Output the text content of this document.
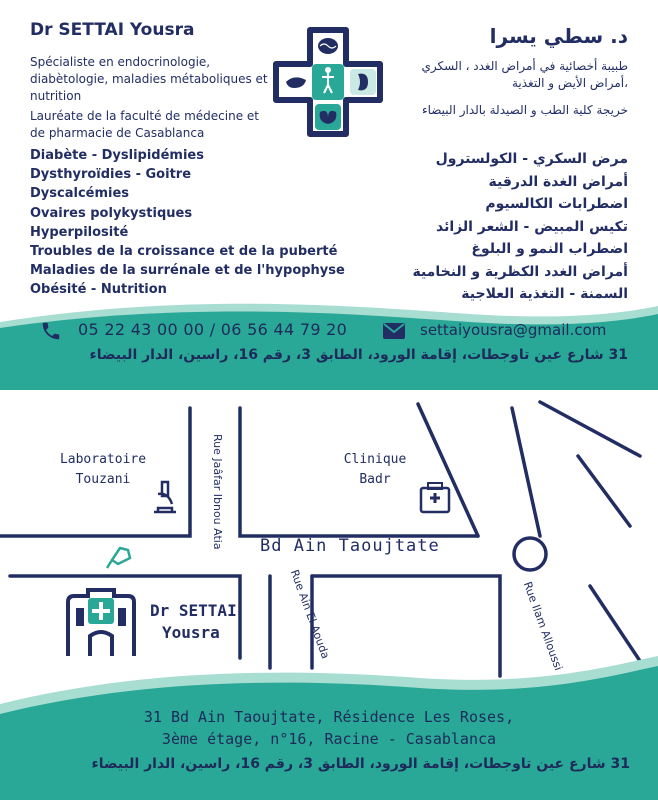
Dr SETTAI Yousra
Spécialiste en endocrinologie, diabètologie, maladies métaboliques et nutrition
Lauréate de la faculté de médecine et de pharmacie de Casablanca
Diabète - Dyslipidémies
Dysthyroïdies - Goitre
Dyscalcémies
Ovaires polykystiques
Hyperpilosité
Troubles de la croissance et de la puberté
Maladies de la surrénale et de l'hypophyse
Obésité - Nutrition
د. سطي يسرا
طبيبة أخصائية في أمراض الغدد ، السكري ،أمراض الأيض و التغذية
خريجة كلية الطب و الصيدلة بالدار البيضاء
مرض السكري - الكولسترول
أمراض الغدة الدرقية
اضطرابات الكالسيوم
تكيس المبيض - الشعر الزائد
اضطراب النمو و البلوغ
أمراض الغدد الكظرية و النخامية
السمنة - التغذية العلاجية
05 22 43 00 00 / 06 56 44 79 20	settaiyousra@gmail.com
31 شارع عين تاوجطات، إقامة الورود، الطابق 3، رقم 16، راسين، الدار البيضاء
Laboratoire
Touzani	Rue Jaâfar Ibnou Atia	Clinique
Badr
Bd Ain Taoujtate
Rue Ain El Aouda	Rue Ilam Alloussi
Dr SETTAI
Yousra
31 Bd Ain Taoujtate, Résidence Les Roses,
3ème étage, n°16, Racine - Casablanca
31 شارع عين تاوجطات، إقامة الورود، الطابق 3، رقم 16، راسين، الدار البيضاء
